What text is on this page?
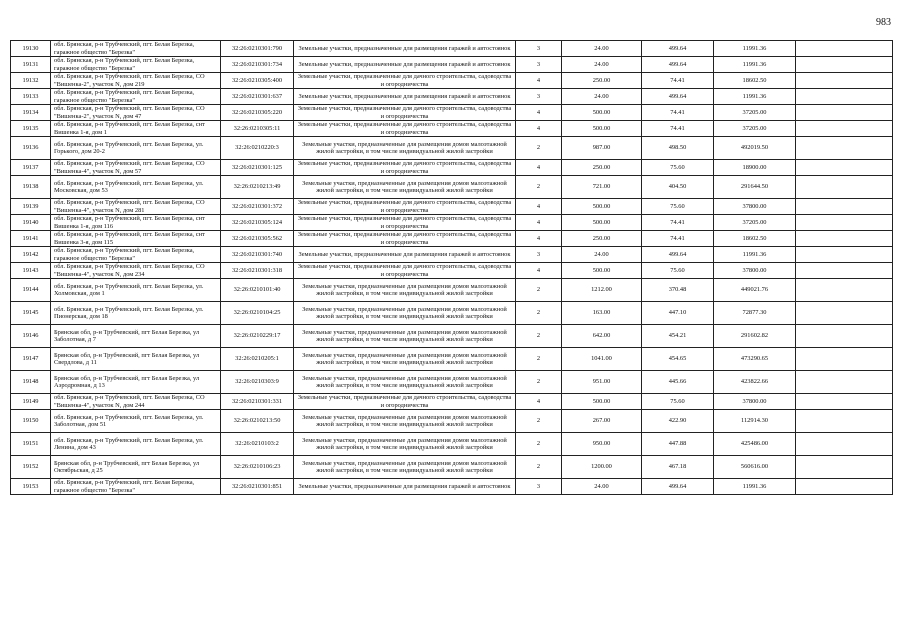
983
19130	обл. Брянская, р-н Трубчевский, пгт. Белая Березка, гаражное общество "Березка"	32:26:0210301:790	Земельные участки, предназначенные для размещения гаражей и автостоянок	3	24.00	499.64	11991.36	
19131	обл. Брянская, р-н Трубчевский, пгт. Белая Березка, гаражное общество "Березка"	32:26:0210301:734	Земельные участки, предназначенные для размещения гаражей и автостоянок	3	24.00	499.64	11991.36	
19132	обл. Брянская, р-н Трубчевский, пгт. Белая Березка, СО "Вишенка-2", участок N, дом 219	32:26:0210305:400	Земельные участки, предназначенные для дачного строительства, садоводства и огородничества	4	250.00	74.41	18602.50	
19133	обл. Брянская, р-н Трубчевский, пгт. Белая Березка, гаражное общество "Березка"	32:26:0210301:637	Земельные участки, предназначенные для размещения гаражей и автостоянок	3	24.00	499.64	11991.36	
19134	обл. Брянская, р-н Трубчевский, пгт. Белая Березка, СО "Вишенка-2", участок N, дом 47	32:26:0210305:220	Земельные участки, предназначенные для дачного строительства, садоводства и огородничества	4	500.00	74.41	37205.00	
19135	обл. Брянская, р-н Трубчевский, пгт. Белая Березка, снт Вишенка 1-я, дом 1	32:26:0210305:11	Земельные участки, предназначенные для дачного строительства, садоводства и огородничества	4	500.00	74.41	37205.00	
19136	обл. Брянская, р-н Трубчевский, пгт. Белая Березка, ул. Горького, дом 20-2	32:26:0210220:3	Земельные участки, предназначенные для размещения домов малоэтажной жилой застройки, в том числе индивидуальной жилой застройки	2	987.00	498.50	492019.50	
19137	обл. Брянская, р-н Трубчевский, пгт. Белая Березка, СО "Вишенка-4", участок N, дом 57	32:26:0210301:125	Земельные участки, предназначенные для дачного строительства, садоводства и огородничества	4	250.00	75.60	18900.00	
19138	обл. Брянская, р-н Трубчевский, пгт. Белая Березка, ул. Московская, дом 53	32:26:0210213:49	Земельные участки, предназначенные для размещения домов малоэтажной жилой застройки, в том числе индивидуальной жилой застройки	2	721.00	404.50	291644.50	
19139	обл. Брянская, р-н Трубчевский, пгт. Белая Березка, СО "Вишенка-4", участок N, дом 281	32:26:0210301:372	Земельные участки, предназначенные для дачного строительства, садоводства и огородничества	4	500.00	75.60	37800.00	
19140	обл. Брянская, р-н Трубчевский, пгт. Белая Березка, снт Вишенка 1-я, дом 116	32:26:0210305:124	Земельные участки, предназначенные для дачного строительства, садоводства и огородничества	4	500.00	74.41	37205.00	
19141	обл. Брянская, р-н Трубчевский, пгт. Белая Березка, снт Вишенка 3-я, дом 115	32:26:0210305:562	Земельные участки, предназначенные для дачного строительства, садоводства и огородничества	4	250.00	74.41	18602.50	
19142	обл. Брянская, р-н Трубчевский, пгт. Белая Березка, гаражное общество "Березка"	32:26:0210301:740	Земельные участки, предназначенные для размещения гаражей и автостоянок	3	24.00	499.64	11991.36	
19143	обл. Брянская, р-н Трубчевский, пгт. Белая Березка, СО "Вишенка-4", участок N, дом 234	32:26:0210301:318	Земельные участки, предназначенные для дачного строительства, садоводства и огородничества	4	500.00	75.60	37800.00	
19144	обл. Брянская, р-н Трубчевский, пгт. Белая Березка, ул. Холмовская, дом 1	32:26:0210101:40	Земельные участки, предназначенные для размещения домов малоэтажной жилой застройки, в том числе индивидуальной жилой застройки	2	1212.00	370.48	449021.76	
19145	обл. Брянская, р-н Трубчевский, пгт. Белая Березка, ул. Пионерская, дом 18	32:26:0210104:25	Земельные участки, предназначенные для размещения домов малоэтажной жилой застройки, в том числе индивидуальной жилой застройки	2	163.00	447.10	72877.30	
19146	Брянская обл, р-н Трубчевский, пгт Белая Березка, ул Заболотная, д 7	32:26:0210229:17	Земельные участки, предназначенные для размещения домов малоэтажной жилой застройки, в том числе индивидуальной жилой застройки	2	642.00	454.21	291602.82	
19147	Брянская обл, р-н Трубчевский, пгт Белая Березка, ул Свердлова, д 11	32:26:0210205:1	Земельные участки, предназначенные для размещения домов малоэтажной жилой застройки, в том числе индивидуальной жилой застройки	2	1041.00	454.65	473290.65	
19148	Брянская обл, р-н Трубчевский, пгт Белая Березка, ул Аэродромная, д 13	32:26:0210303:9	Земельные участки, предназначенные для размещения домов малоэтажной жилой застройки, в том числе индивидуальной жилой застройки	2	951.00	445.66	423822.66	
19149	обл. Брянская, р-н Трубчевский, пгт. Белая Березка, СО "Вишенка-4", участок N, дом 244	32:26:0210301:331	Земельные участки, предназначенные для дачного строительства, садоводства и огородничества	4	500.00	75.60	37800.00	
19150	обл. Брянская, р-н Трубчевский, пгт. Белая Березка, ул. Заболотная, дом 51	32:26:0210213:50	Земельные участки, предназначенные для размещения домов малоэтажной жилой застройки, в том числе индивидуальной жилой застройки	2	267.00	422.90	112914.30	
19151	обл. Брянская, р-н Трубчевский, пгт. Белая Березка, ул. Ленина, дом 43	32:26:0210103:2	Земельные участки, предназначенные для размещения домов малоэтажной жилой застройки, в том числе индивидуальной жилой застройки	2	950.00	447.88	425486.00	
19152	Брянская обл, р-н Трубчевский, пгт Белая Березка, ул Октябрьская, д 25	32:26:0210106:23	Земельные участки, предназначенные для размещения домов малоэтажной жилой застройки, в том числе индивидуальной жилой застройки	2	1200.00	467.18	560616.00	
19153	обл. Брянская, р-н Трубчевский, пгт. Белая Березка, гаражное общество "Березка"	32:26:0210301:851	Земельные участки, предназначенные для размещения гаражей и автостоянок	3	24.00	499.64	11991.36	
